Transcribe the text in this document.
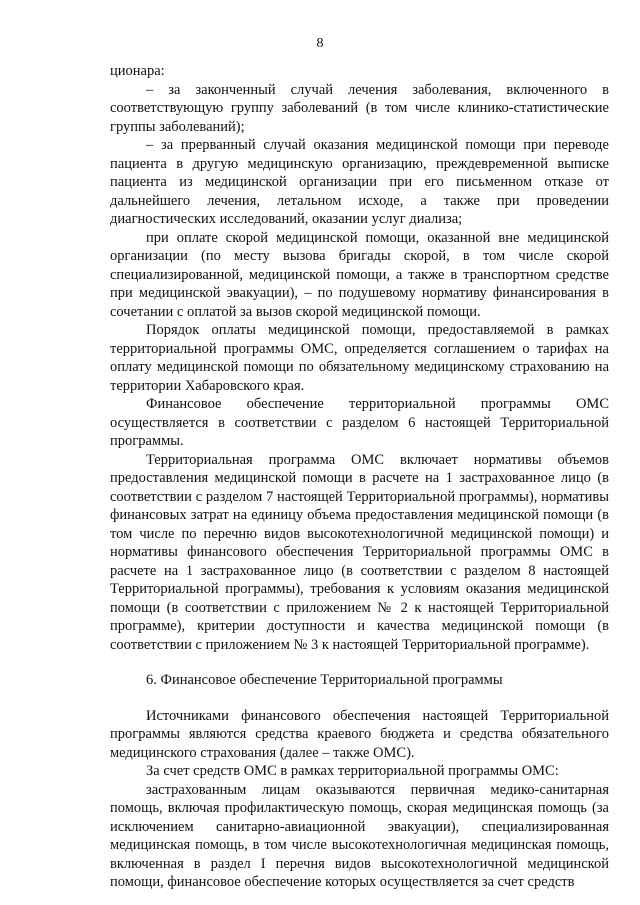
8

ционара:

– за законченный случай лечения заболевания, включенного в соответствующую группу заболеваний (в том числе клинико-статистические группы заболеваний);

– за прерванный случай оказания медицинской помощи при переводе пациента в другую медицинскую организацию, преждевременной выписке пациента из медицинской организации при его письменном отказе от дальнейшего лечения, летальном исходе, а также при проведении диагностических исследований, оказании услуг диализа;

при оплате скорой медицинской помощи, оказанной вне медицинской организации (по месту вызова бригады скорой, в том числе скорой специализированной, медицинской помощи, а также в транспортном средстве при медицинской эвакуации), – по подушевому нормативу финансирования в сочетании с оплатой за вызов скорой медицинской помощи.

Порядок оплаты медицинской помощи, предоставляемой в рамках территориальной программы ОМС, определяется соглашением о тарифах на оплату медицинской помощи по обязательному медицинскому страхованию на территории Хабаровского края.

Финансовое обеспечение территориальной программы ОМС осуществляется в соответствии с разделом 6 настоящей Территориальной программы.

Территориальная программа ОМС включает нормативы объемов предоставления медицинской помощи в расчете на 1 застрахованное лицо (в соответствии с разделом 7 настоящей Территориальной программы), нормативы финансовых затрат на единицу объема предоставления медицинской помощи (в том числе по перечню видов высокотехнологичной медицинской помощи) и нормативы финансового обеспечения Территориальной программы ОМС в расчете на 1 застрахованное лицо (в соответствии с разделом 8 настоящей Территориальной программы), требования к условиям оказания медицинской помощи (в соответствии с приложением № 2 к настоящей Территориальной программе), критерии доступности и качества медицинской помощи (в соответствии с приложением № 3 к настоящей Территориальной программе).

6. Финансовое обеспечение Территориальной программы

Источниками финансового обеспечения настоящей Территориальной программы являются средства краевого бюджета и средства обязательного медицинского страхования (далее – также ОМС).

За счет средств ОМС в рамках территориальной программы ОМС:

застрахованным лицам оказываются первичная медико-санитарная помощь, включая профилактическую помощь, скорая медицинская помощь (за исключением санитарно-авиационной эвакуации), специализированная медицинская помощь, в том числе высокотехнологичная медицинская помощь, включенная в раздел I перечня видов высокотехнологичной медицинской помощи, финансовое обеспечение которых осуществляется за счет средств
